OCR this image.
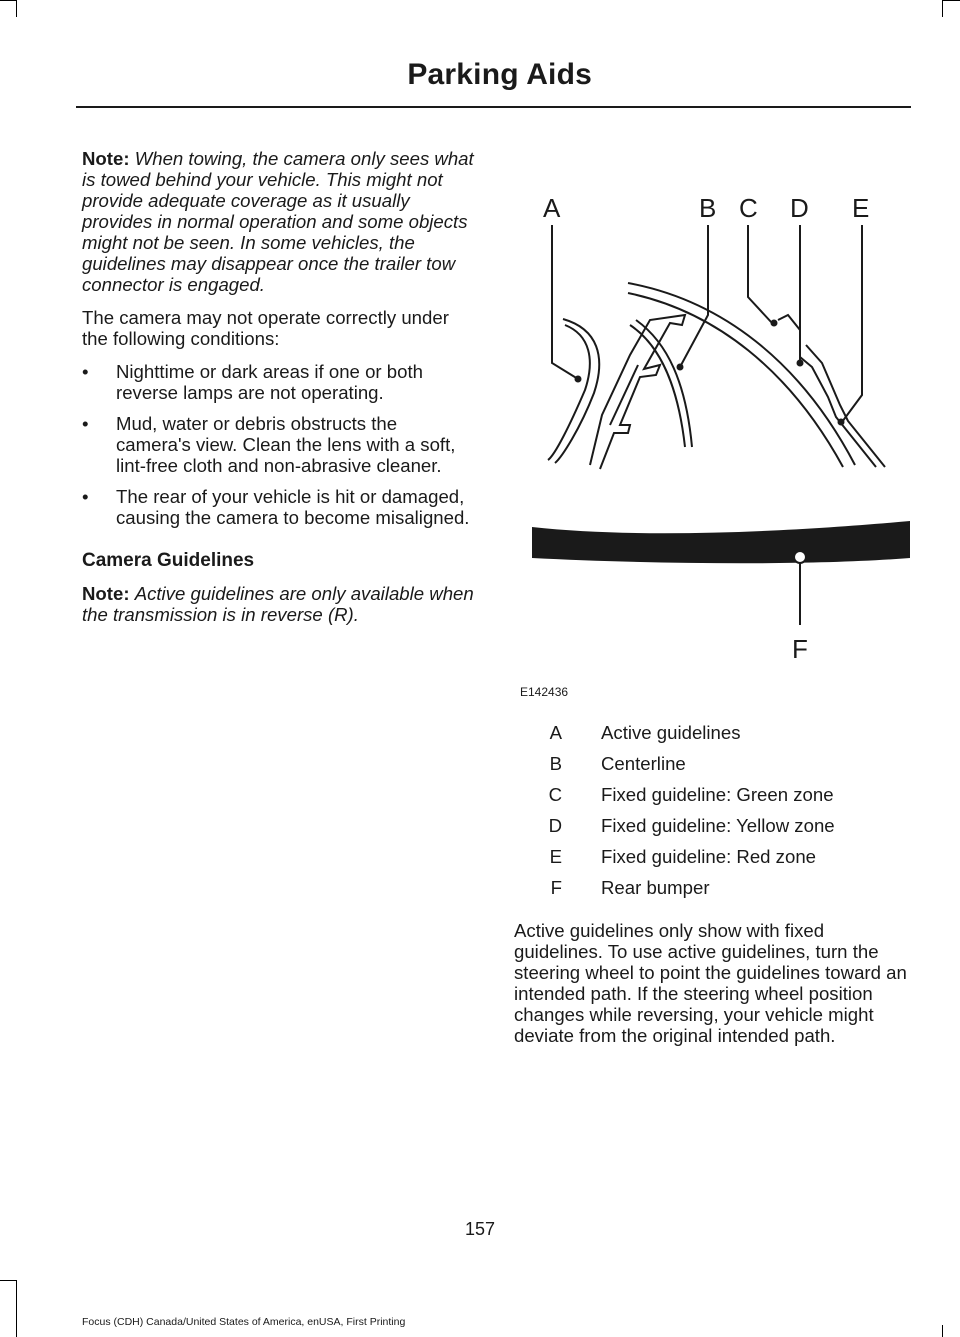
Parking Aids

Note: When towing, the camera only sees what is towed behind your vehicle. This might not provide adequate coverage as it usually provides in normal operation and some objects might not be seen. In some vehicles, the guidelines may disappear once the trailer tow connector is engaged.

The camera may not operate correctly under the following conditions:

• Nighttime or dark areas if one or both reverse lamps are not operating.
• Mud, water or debris obstructs the camera's view. Clean the lens with a soft, lint-free cloth and non-abrasive cleaner.
• The rear of your vehicle is hit or damaged, causing the camera to become misaligned.
Camera Guidelines

Note: Active guidelines are only available when the transmission is in reverse (R).

A	B C D E
F
E142436
A Active guidelines
B Centerline
C Fixed guideline: Green zone
D Fixed guideline: Yellow zone
E Fixed guideline: Red zone
F Rear bumper

Active guidelines only show with fixed guidelines. To use active guidelines, turn the steering wheel to point the guidelines toward an intended path. If the steering wheel position changes while reversing, your vehicle might deviate from the original intended path.

157
Focus (CDH) Canada/United States of America, enUSA, First Printing
